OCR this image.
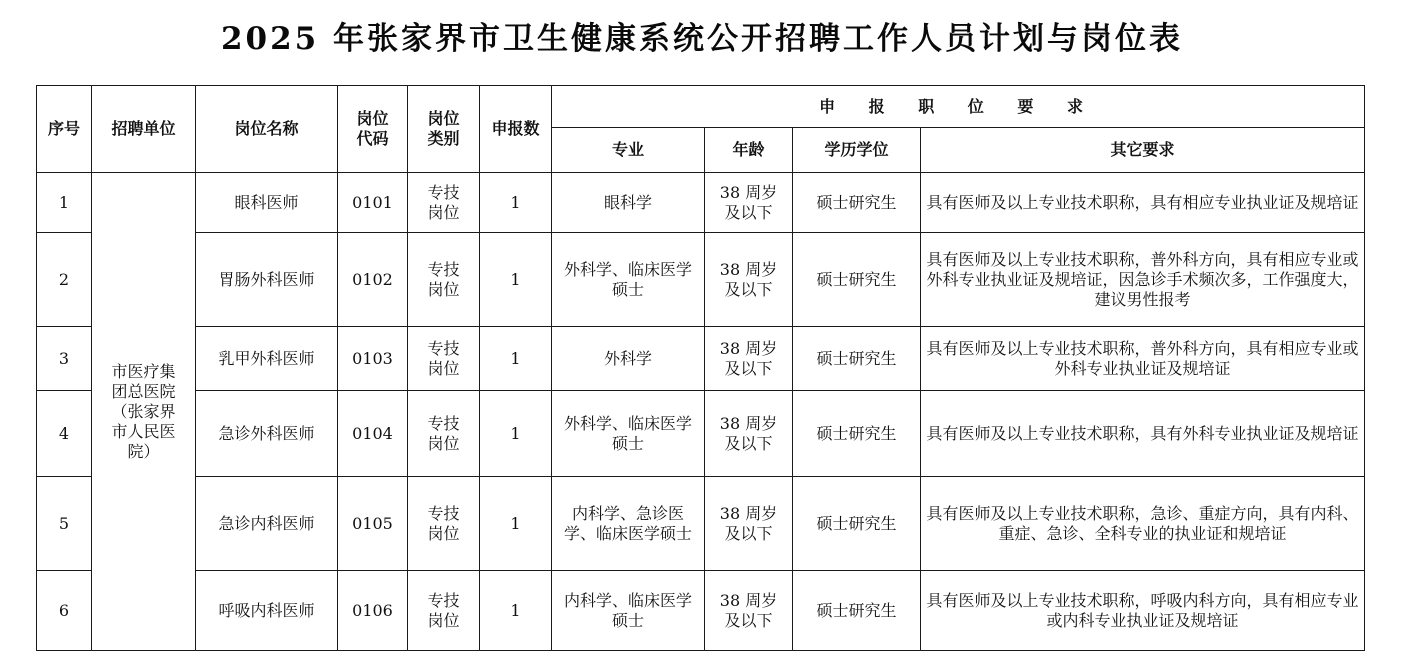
2025 年张家界市卫生健康系统公开招聘工作人员计划与岗位表
序号	招聘单位	岗位名称	岗位代码	岗位类别	申报数	申 报 职 位 要 求			
						专业	年龄	学历学位	其它要求
1	市医疗集团总医院（张家界市人民医院）	眼科医师	0101	专技岗位	1	眼科学	38 周岁及以下	硕士研究生	具有医师及以上专业技术职称，具有相应专业执业证及规培证
2		胃肠外科医师	0102	专技岗位	1	外科学、临床医学硕士	38 周岁及以下	硕士研究生	具有医师及以上专业技术职称，普外科方向，具有相应专业或外科专业执业证及规培证，因急诊手术频次多，工作强度大，建议男性报考
3		乳甲外科医师	0103	专技岗位	1	外科学	38 周岁及以下	硕士研究生	具有医师及以上专业技术职称，普外科方向，具有相应专业或外科专业执业证及规培证
4		急诊外科医师	0104	专技岗位	1	外科学、临床医学硕士	38 周岁及以下	硕士研究生	具有医师及以上专业技术职称，具有外科专业执业证及规培证
5		急诊内科医师	0105	专技岗位	1	内科学、急诊医学、临床医学硕士	38 周岁及以下	硕士研究生	具有医师及以上专业技术职称，急诊、重症方向，具有内科、重症、急诊、全科专业的执业证和规培证
6		呼吸内科医师	0106	专技岗位	1	内科学、临床医学硕士	38 周岁及以下	硕士研究生	具有医师及以上专业技术职称，呼吸内科方向，具有相应专业或内科专业执业证及规培证
